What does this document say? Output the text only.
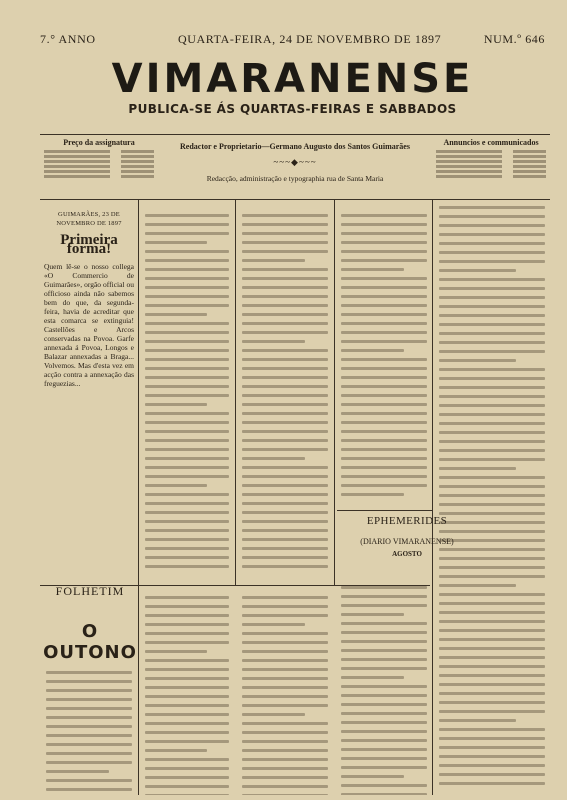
7.° ANNO	QUARTA-FEIRA, 24 DE NOVEMBRO DE 1897	NUM.º 646
VIMARANENSE
PUBLICA-SE ÁS QUARTAS-FEIRAS E SABBADOS
Preço da assignatura	Redactor e Proprietario—Germano Augusto dos Santos Guimarães
~~~◆~~~
Redacção, administração e typographia rua de Santa Maria
Annuncios e communicados
GUIMARÃES, 23 DE NOVEMBRO DE 1897
Primeira forma!
Quem lê-se o nosso collega «O Commercio de Guimarães», orgão official ou officioso ainda não sabemos bem do que, da segunda-feira, havia de acreditar que esta comarca se extinguia! Castellões e Arcos conservadas na Povoa. Garfe annexada á Povoa, Longos e Balazar annexadas a Braga... Volvemos. Mas d'esta vez em acção contra a annexação das freguezias...
FOLHETIM
O OUTONO
EPHEMERIDES
(DIARIO VIMARANENSE)
AGOSTO
